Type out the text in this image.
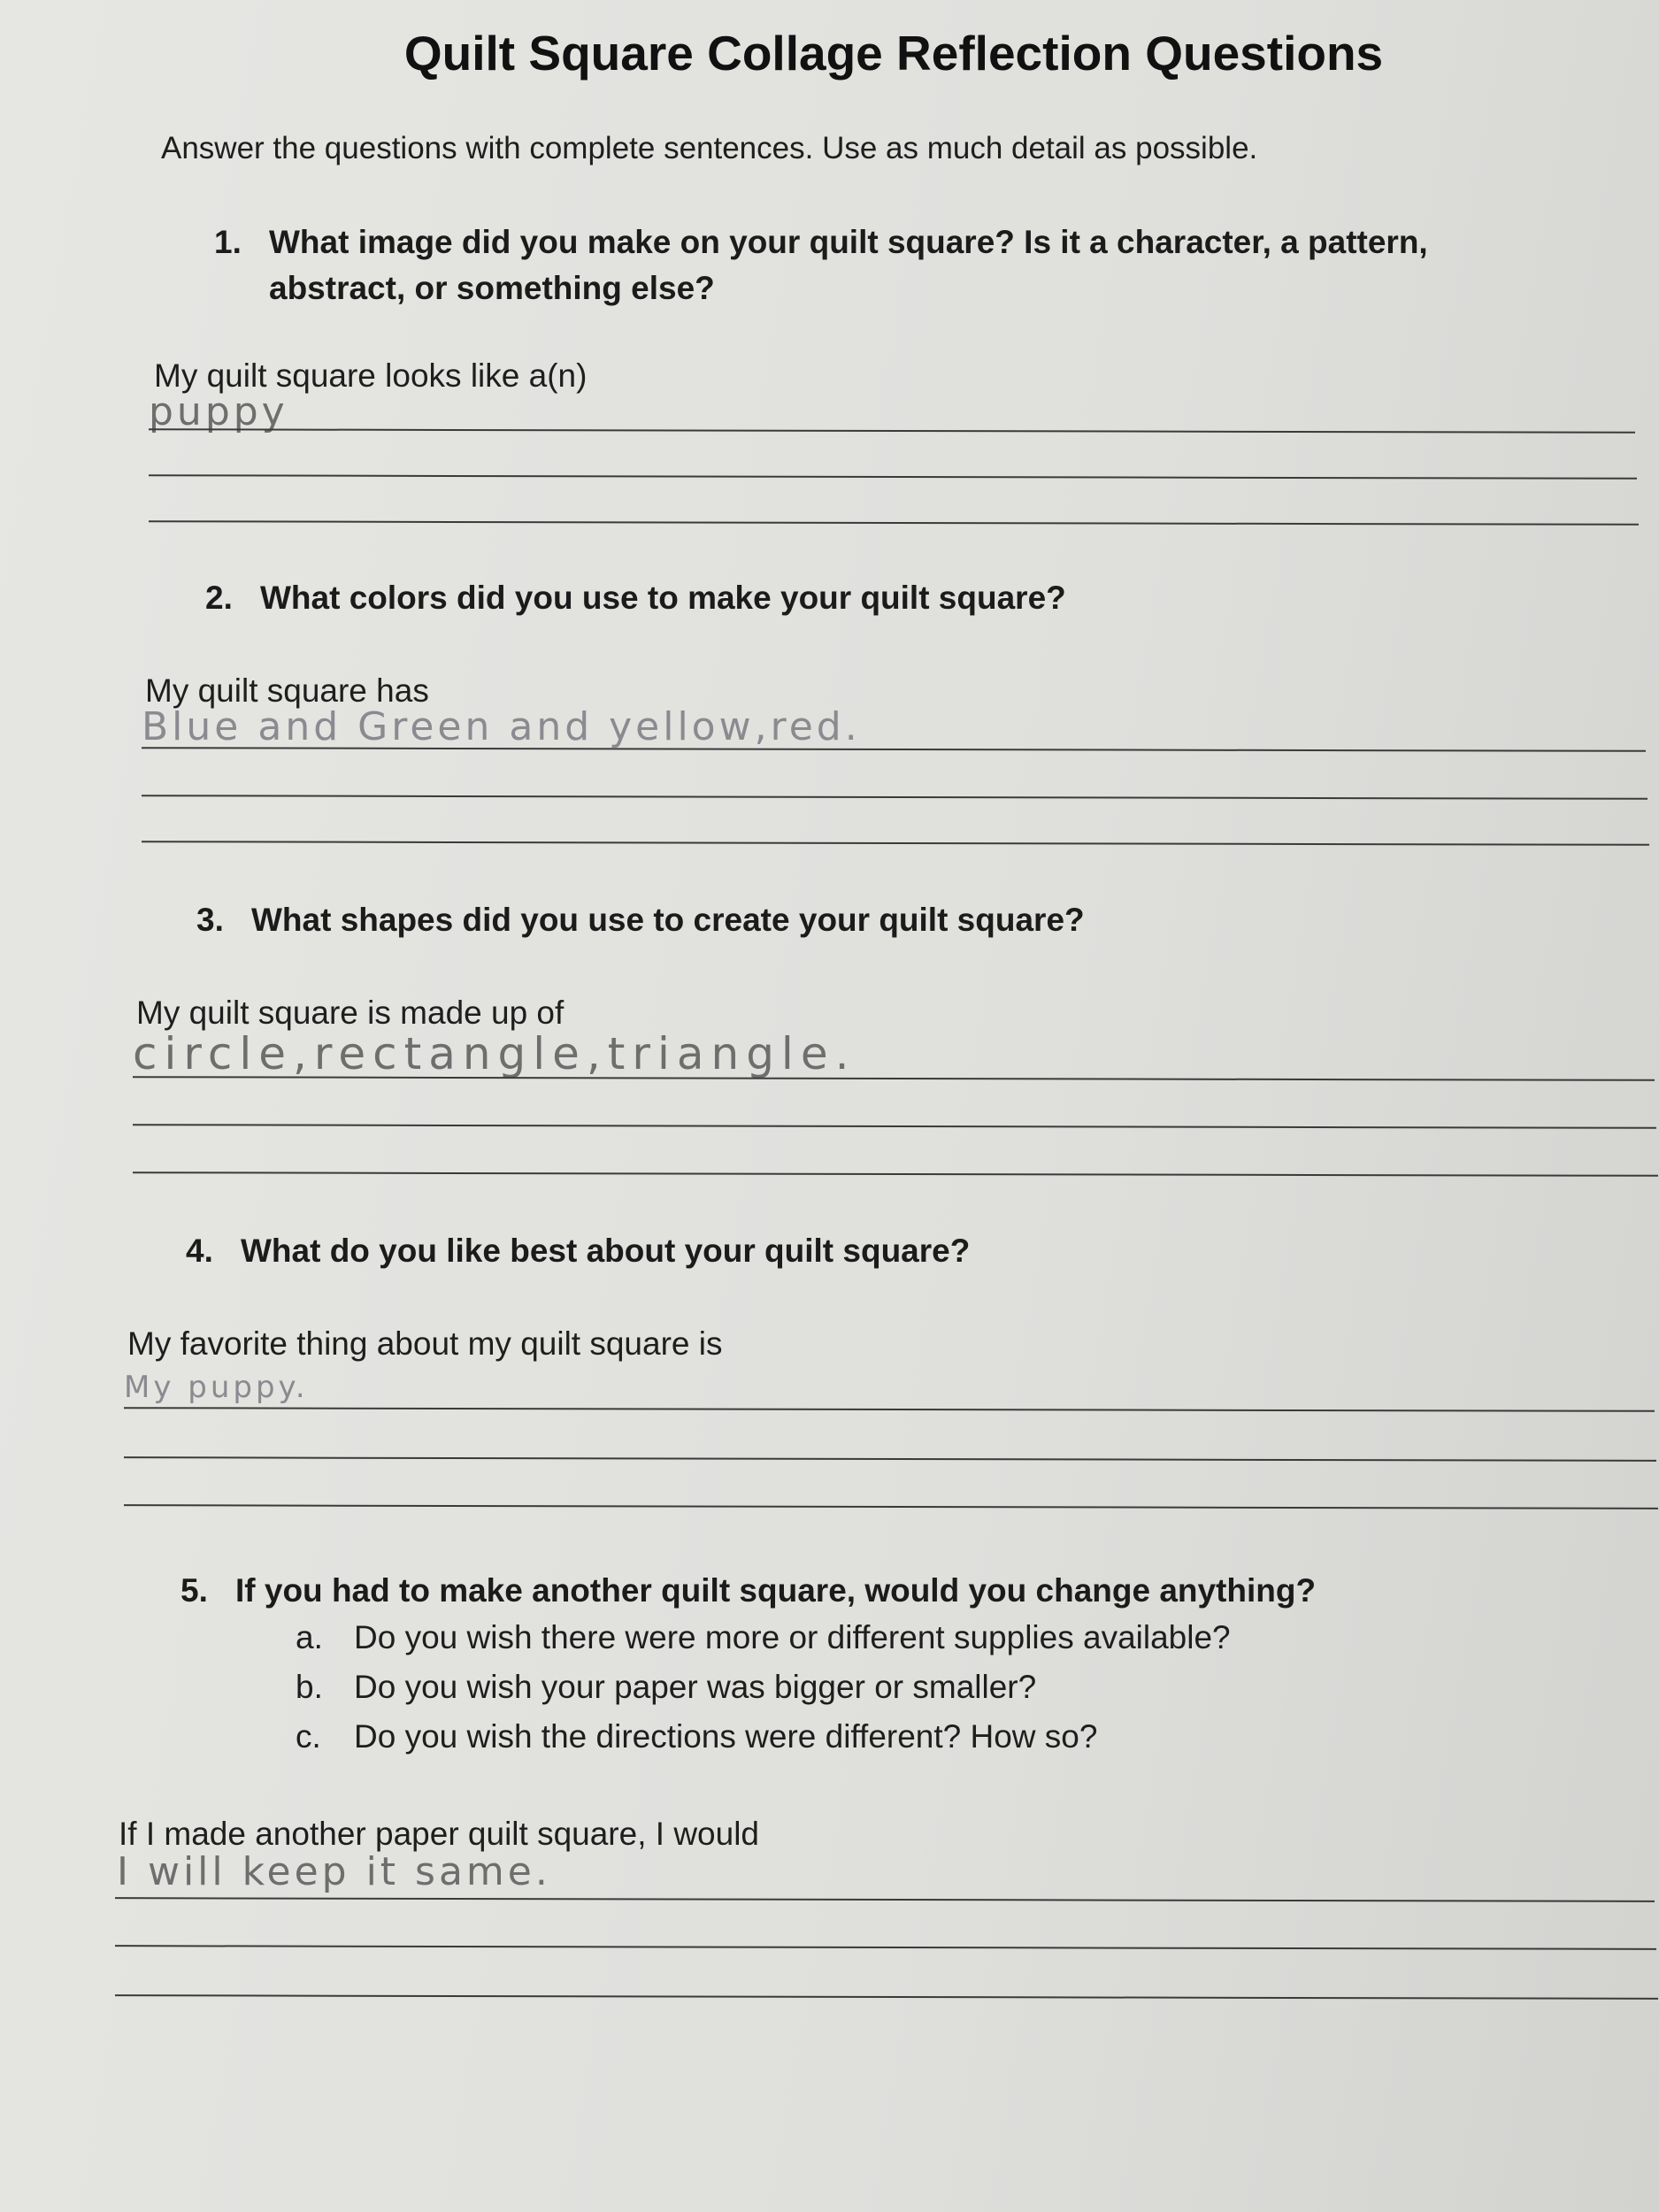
Quilt Square Collage Reflection Questions
Answer the questions with complete sentences. Use as much detail as possible.
1. What image did you make on your quilt square? Is it a character, a pattern, abstract, or something else?
My quilt square looks like a(n)
puppy
2. What colors did you use to make your quilt square?
My quilt square has
Blue and Green and yellow,red.
3. What shapes did you use to create your quilt square?
My quilt square is made up of
circle,rectangle,triangle.
4. What do you like best about your quilt square?
My favorite thing about my quilt square is
My puppy.
5. If you had to make another quilt square, would you change anything?
a. Do you wish there were more or different supplies available?
b. Do you wish your paper was bigger or smaller?
c. Do you wish the directions were different? How so?
If I made another paper quilt square, I would
I will keep it same.
